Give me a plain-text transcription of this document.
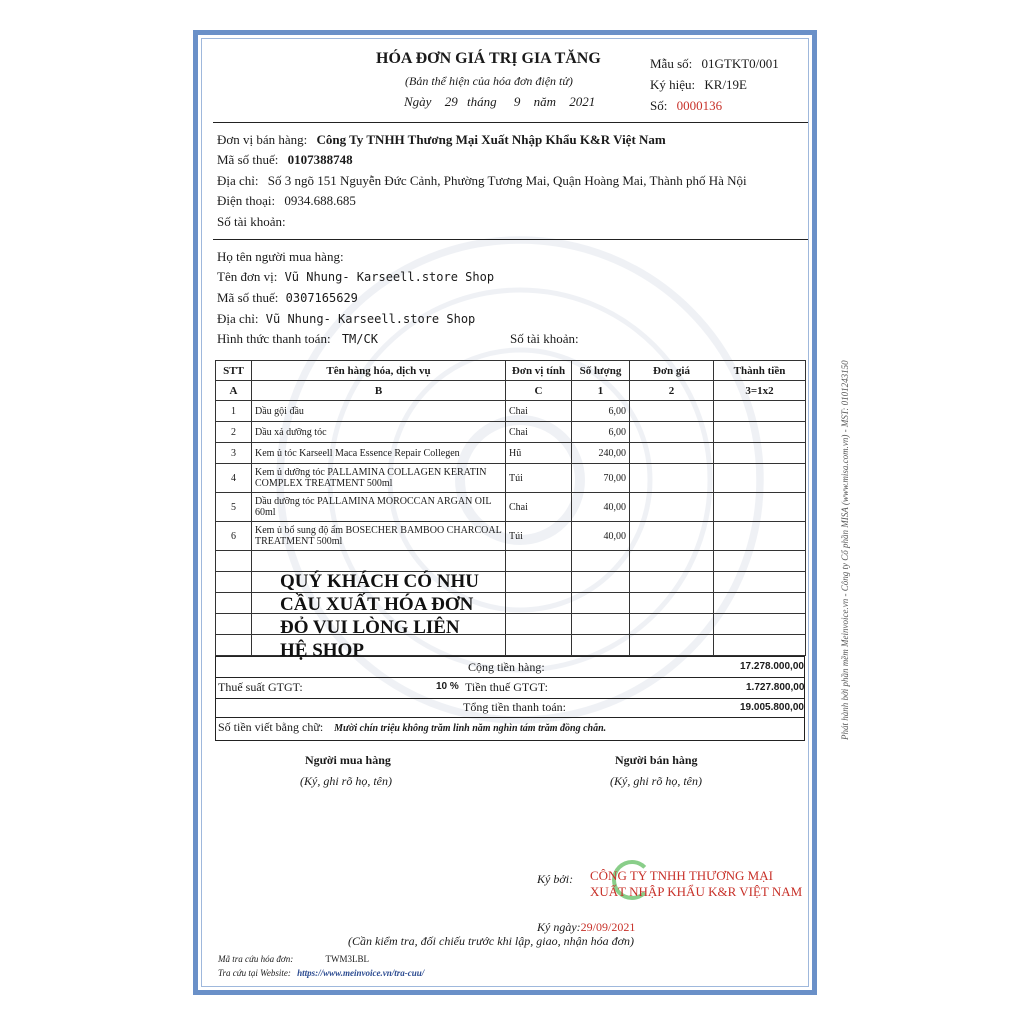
HÓA ĐƠN GIÁ TRỊ GIA TĂNG
(Bản thể hiện của hóa đơn điện tử)
Ngày 29 tháng 9 năm 2021
Mẫu số: 01GTKT0/001
Ký hiệu: KR/19E
Số: 0000136
Đơn vị bán hàng: Công Ty TNHH Thương Mại Xuất Nhập Khẩu K&R Việt Nam
Mã số thuế: 0107388748
Địa chỉ: Số 3 ngõ 151 Nguyễn Đức Cảnh, Phường Tương Mai, Quận Hoàng Mai, Thành phố Hà Nội
Điện thoại: 0934.688.685
Số tài khoản:
Họ tên người mua hàng:
Tên đơn vị: Vũ Nhung- Karseell.store Shop
Mã số thuế: 0307165629
Địa chỉ: Vũ Nhung- Karseell.store Shop
Hình thức thanh toán: TM/CK	Số tài khoản:
STT	Tên hàng hóa, dịch vụ	Đơn vị tính	Số lượng	Đơn giá	Thành tiền
A	B	C	1	2	3=1x2
1	Dầu gội đầu	Chai	6,00		
2	Dầu xả dưỡng tóc	Chai	6,00		
3	Kem ủ tóc Karseell Maca Essence Repair Collegen	Hũ	240,00		
4	Kem ủ dưỡng tóc PALLAMINA COLLAGEN KERATIN COMPLEX TREATMENT 500ml	Túi	70,00		
5	Dầu dưỡng tóc PALLAMINA MOROCCAN ARGAN OIL 60ml	Chai	40,00		
6	Kem ủ bổ sung độ ẩm BOSECHER BAMBOO CHARCOAL TREATMENT 500ml	Túi	40,00		

Cộng tiền hàng:	17.278.000,00
Thuế suất GTGT:	10 % Tiền thuế GTGT:	1.727.800,00
Tổng tiền thanh toán:	19.005.800,00
Số tiền viết bằng chữ: Mười chín triệu không trăm linh năm nghìn tám trăm đồng chẵn.
QUÝ KHÁCH CÓ NHU CẦU XUẤT HÓA ĐƠN ĐỎ VUI LÒNG LIÊN HỆ SHOP
Người mua hàng
(Ký, ghi rõ họ, tên)
Người bán hàng
(Ký, ghi rõ họ, tên)
Ký bởi: CÔNG TY TNHH THƯƠNG MẠI XUẤT NHẬP KHẨU K&R VIỆT NAM
Ký ngày:29/09/2021
(Cần kiểm tra, đối chiếu trước khi lập, giao, nhận hóa đơn)
Mã tra cứu hóa đơn:	TWM3LBL
Tra cứu tại Website: https://www.meinvoice.vn/tra-cuu/
Phát hành bởi phần mềm Meinvoice.vn - Công ty Cổ phần MISA (www.misa.com.vn) - MST: 0101243150
